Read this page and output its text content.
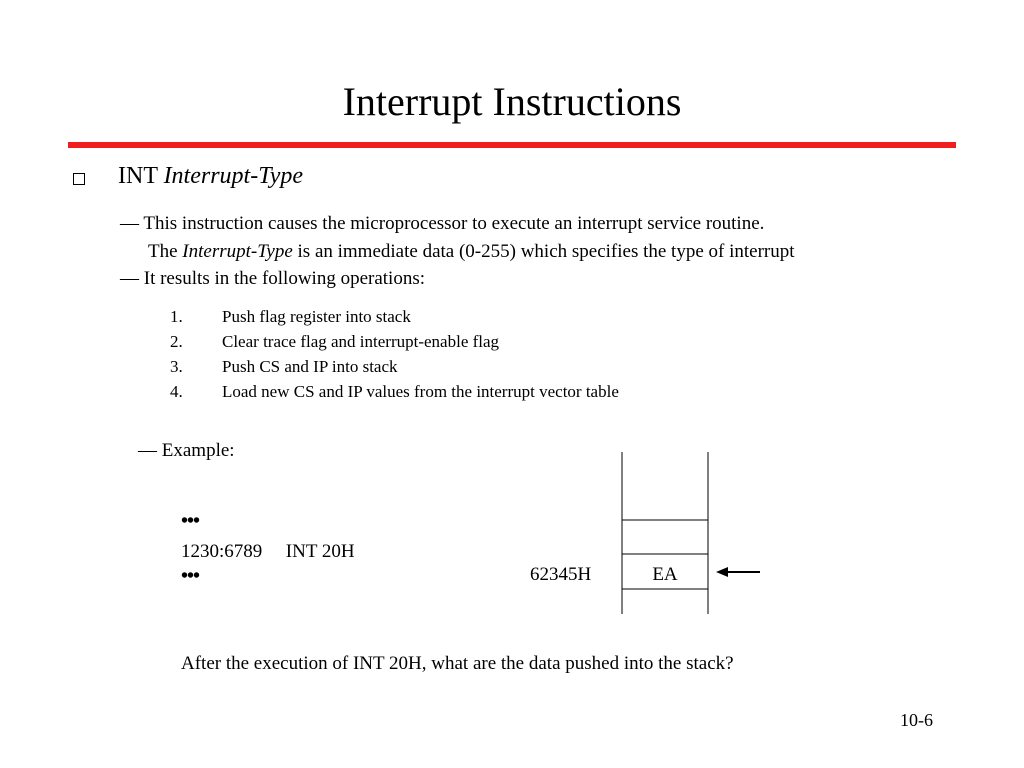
Interrupt Instructions
INT Interrupt-Type
— This instruction causes the microprocessor to execute an interrupt service routine.
The Interrupt-Type is an immediate data (0-255) which specifies the type of interrupt
— It results in the following operations:
1. Push flag register into stack
2. Clear trace flag and interrupt-enable flag
3. Push CS and IP into stack
4. Load new CS and IP values from the interrupt vector table
— Example:
•••
1230:6789 INT 20H
•••	62345H	EA
After the execution of INT 20H, what are the data pushed into the stack?
10-6
